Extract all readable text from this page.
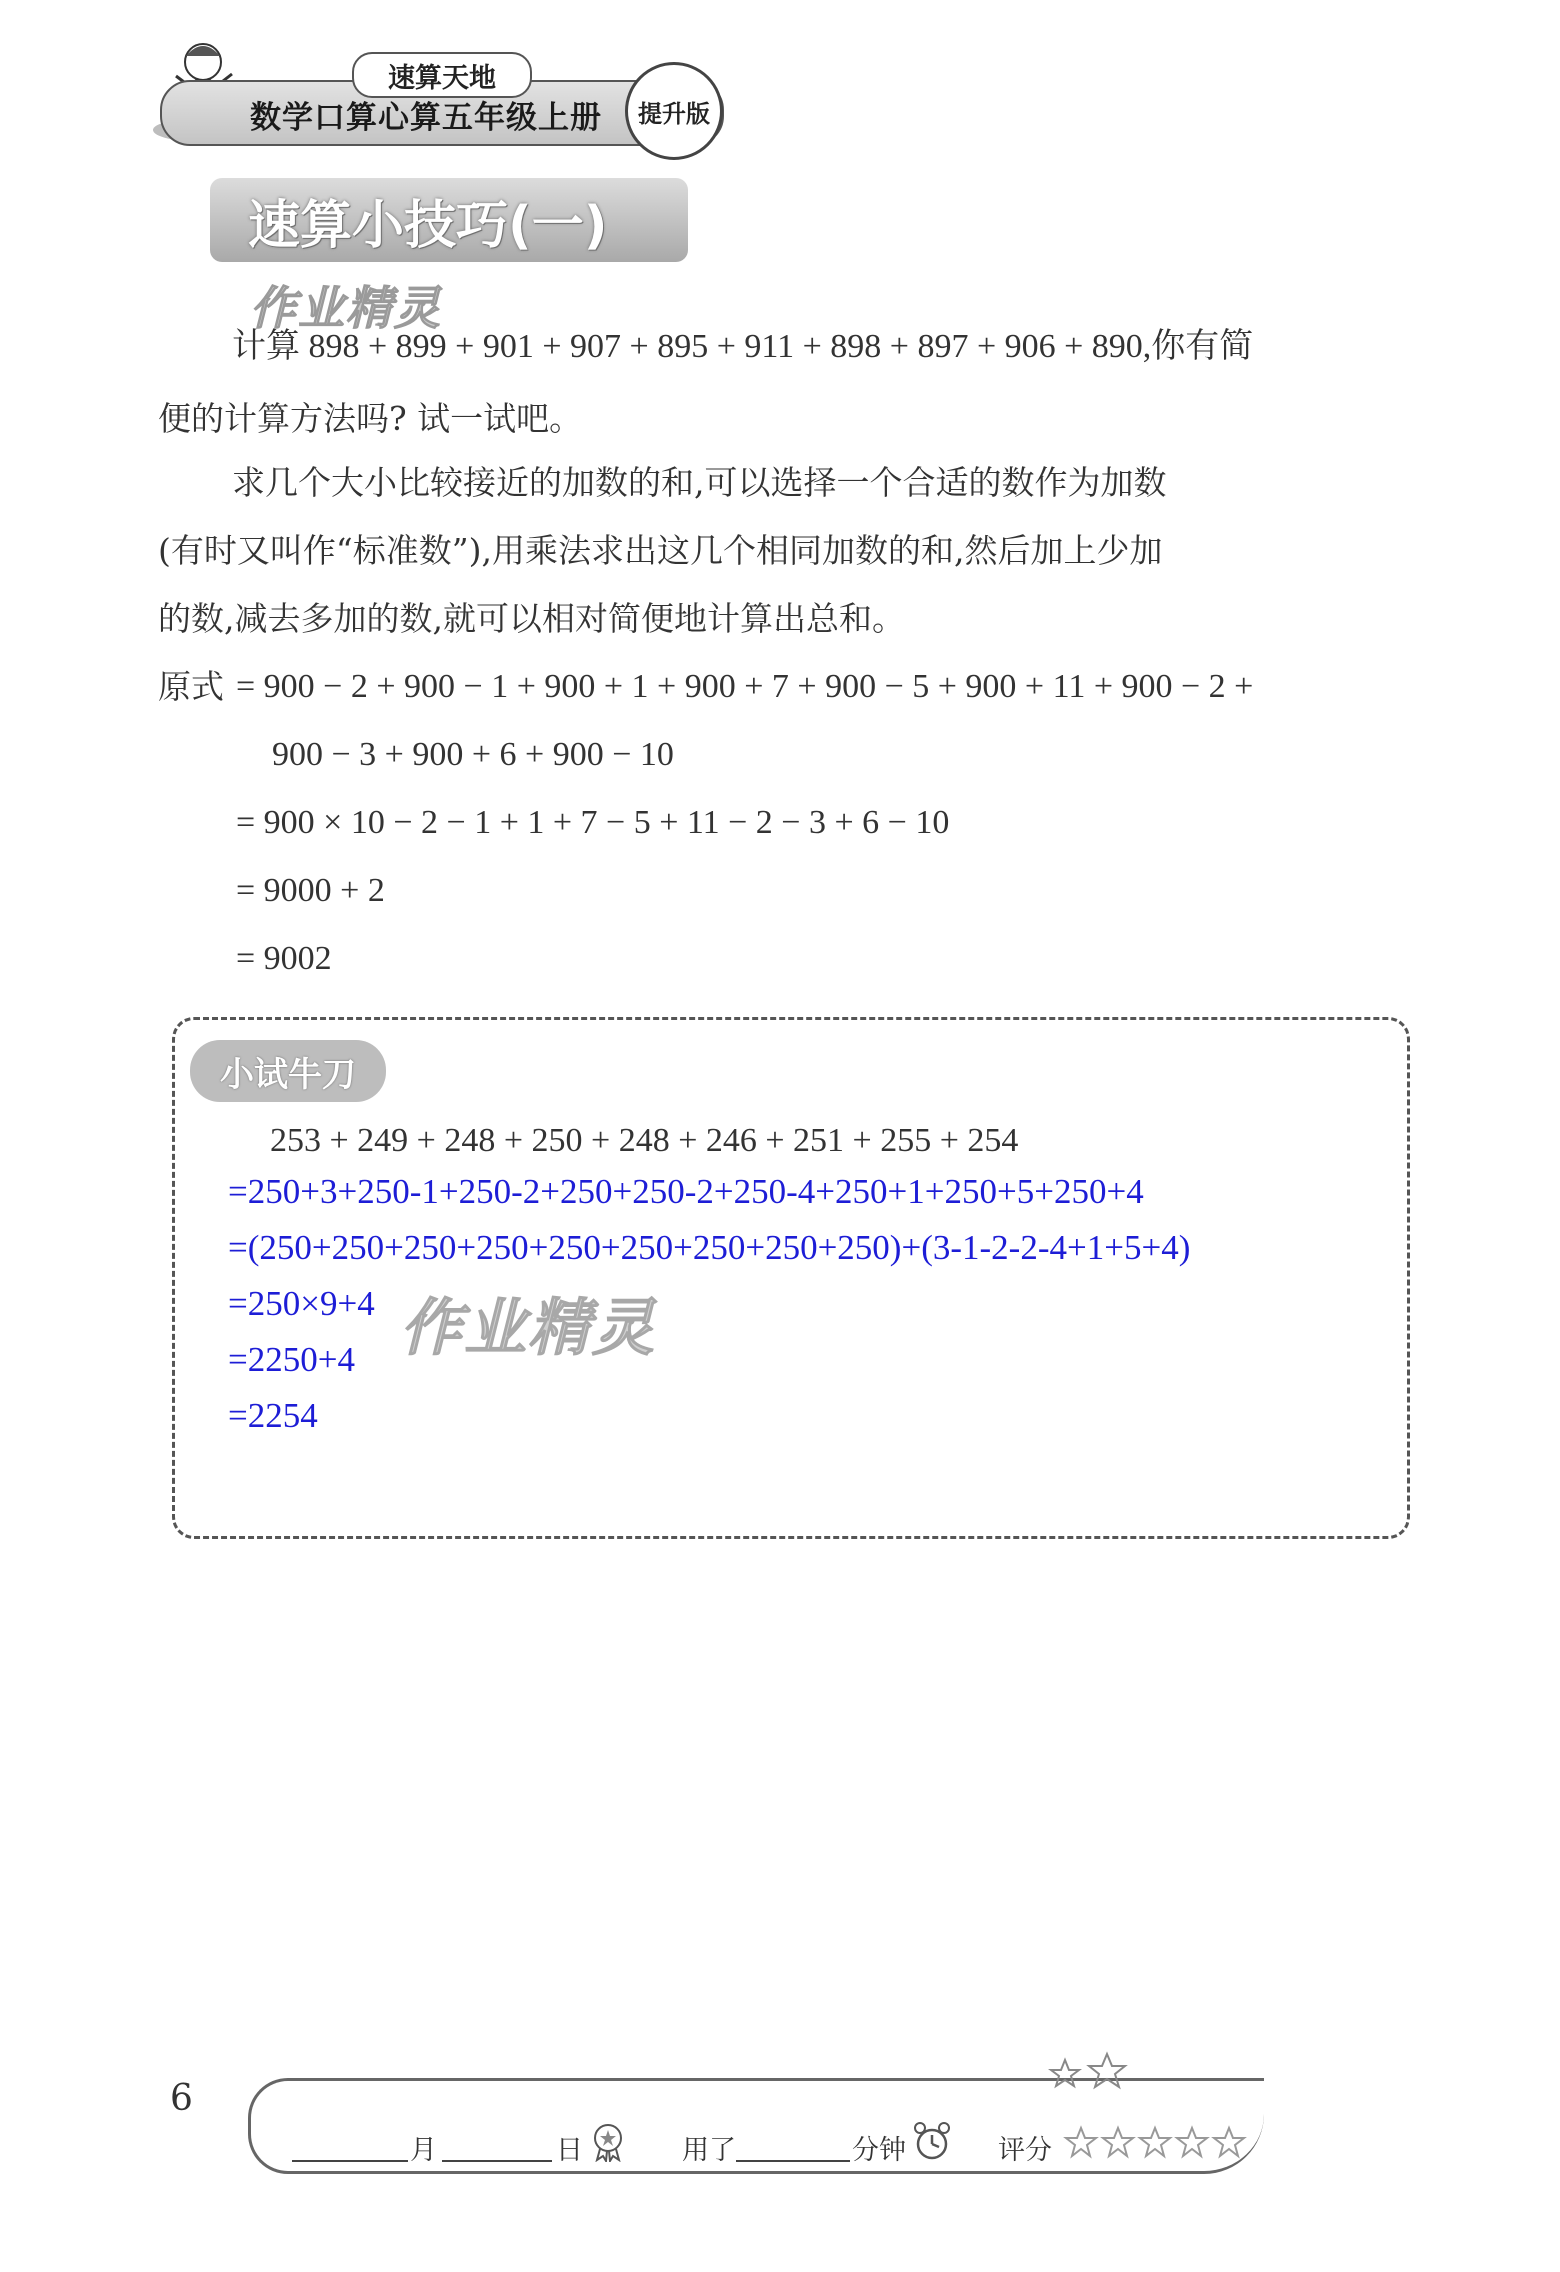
速算天地
数学口算心算五年级上册	提升版
速算小技巧(一)
作业精灵
计算 898 + 899 + 901 + 907 + 895 + 911 + 898 + 897 + 906 + 890,你有简
便的计算方法吗? 试一试吧。
求几个大小比较接近的加数的和,可以选择一个合适的数作为加数
(有时又叫作“标准数”),用乘法求出这几个相同加数的和,然后加上少加
的数,减去多加的数,就可以相对简便地计算出总和。
原式 = 900 − 2 + 900 − 1 + 900 + 1 + 900 + 7 + 900 − 5 + 900 + 11 + 900 − 2 +
900 − 3 + 900 + 6 + 900 − 10
= 900 × 10 − 2 − 1 + 1 + 7 − 5 + 11 − 2 − 3 + 6 − 10
= 9000 + 2
= 9002
小试牛刀
253 + 249 + 248 + 250 + 248 + 246 + 251 + 255 + 254
=250+3+250-1+250-2+250+250-2+250-4+250+1+250+5+250+4
=(250+250+250+250+250+250+250+250+250)+(3-1-2-2-4+1+5+4)
=250×9+4
=2250+4
=2254
作业精灵
6
月	日	用了	分钟	评分
